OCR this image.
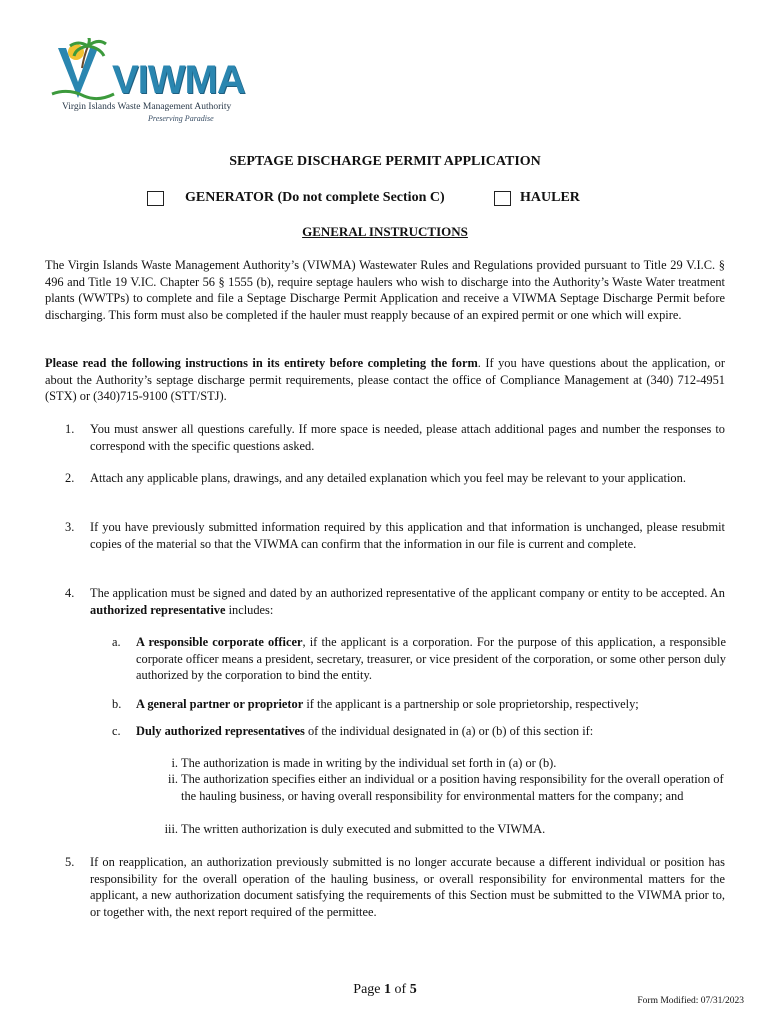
VIWMA
Virgin Islands Waste Management Authority
Preserving Paradise
SEPTAGE DISCHARGE PERMIT APPLICATION
GENERATOR (Do not complete Section C)	HAULER
GENERAL INSTRUCTIONS
The Virgin Islands Waste Management Authority’s (VIWMA) Wastewater Rules and Regulations provided pursuant to Title 29 V.I.C. § 496 and Title 19 V.IC. Chapter 56 § 1555 (b), require septage haulers who wish to discharge into the Authority’s Waste Water treatment plants (WWTPs) to complete and file a Septage Discharge Permit Application and receive a VIWMA Septage Discharge Permit before discharging. This form must also be completed if the hauler must reapply because of an expired permit or one which will expire.
Please read the following instructions in its entirety before completing the form. If you have questions about the application, or about the Authority’s septage discharge permit requirements, please contact the office of Compliance Management at (340) 712-4951 (STX) or (340)715-9100 (STT/STJ).
1. You must answer all questions carefully. If more space is needed, please attach additional pages and number the responses to correspond with the specific questions asked.
2. Attach any applicable plans, drawings, and any detailed explanation which you feel may be relevant to your application.
3. If you have previously submitted information required by this application and that information is unchanged, please resubmit copies of the material so that the VIWMA can confirm that the information in our file is current and complete.
4. The application must be signed and dated by an authorized representative of the applicant company or entity to be accepted. An authorized representative includes:
a. A responsible corporate officer, if the applicant is a corporation. For the purpose of this application, a responsible corporate officer means a president, secretary, treasurer, or vice president of the corporation, or some other person duly authorized by the corporation to bind the entity.
b. A general partner or proprietor if the applicant is a partnership or sole proprietorship, respectively;
c. Duly authorized representatives of the individual designated in (a) or (b) of this section if:
i. The authorization is made in writing by the individual set forth in (a) or (b).
ii. The authorization specifies either an individual or a position having responsibility for the overall operation of the hauling business, or having overall responsibility for environmental matters for the company; and
iii. The written authorization is duly executed and submitted to the VIWMA.
5. If on reapplication, an authorization previously submitted is no longer accurate because a different individual or position has responsibility for the overall operation of the hauling business, or overall responsibility for environmental matters for the applicant, a new authorization document satisfying the requirements of this Section must be submitted to the VIWMA prior to, or together with, the next report required of the permittee.
Page 1 of 5
Form Modified: 07/31/2023
